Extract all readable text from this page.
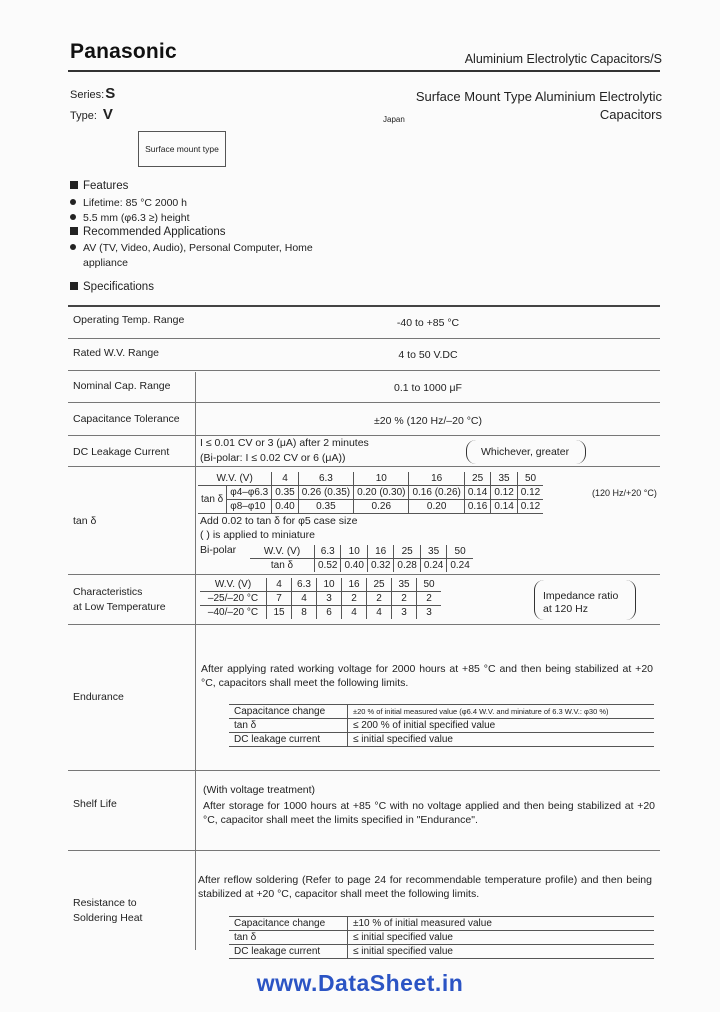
Panasonic	Aluminium Electrolytic Capacitors/S
Series:S
Type: V
Surface Mount Type Aluminium Electrolytic
Capacitors
Japan
Surface mount type
Features
Lifetime: 85 °C 2000 h
5.5 mm (φ6.3 ≥) height
Recommended Applications
AV (TV, Video, Audio), Personal Computer, Home
appliance
Specifications
Operating Temp. Range	-40 to +85 °C
Rated W.V. Range	4 to 50 V.DC
Nominal Cap. Range	0.1 to 1000 μF
Capacitance Tolerance	±20 % (120 Hz/–20 °C)
DC Leakage Current
I ≤ 0.01 CV or 3 (μA) after 2 minutes
(Bi-polar: I ≤ 0.02 CV or 6 (μA))	Whichever, greater
tan δ
W.V. (V)		4	6.3	10	16	25	35	50
tan δ	φ4–φ6.3	0.35	0.26 (0.35)	0.20 (0.30)	0.16 (0.26)	0.14	0.12	0.12
	φ8–φ10	0.40	0.35	0.26	0.20	0.16	0.14	0.12
(120 Hz/+20 °C)
Add 0.02 to tan δ for φ5 case size
( ) is applied to miniature
Bi-polar	W.V. (V)	6.3	10	16	25	35	50
tan δ	0.52	0.40	0.32	0.28	0.24	0.24
Characteristics
at Low Temperature
W.V. (V)	4	6.3	10	16	25	35	50
–25/–20 °C	7	4	3	2	2	2	2
–40/–20 °C	15	8	6	4	4	3	3
Impedance ratio
at 120 Hz
Endurance
After applying rated working voltage for 2000 hours at +85 °C and then being stabilized at +20 °C, capacitors shall meet the following limits.
Capacitance change	±20 % of initial measured value (φ6.4 W.V. and miniature of 6.3 W.V.: φ30 %)
tan δ	≤ 200 % of initial specified value
DC leakage current	≤ initial specified value
Shelf Life
(With voltage treatment)
After storage for 1000 hours at +85 °C with no voltage applied and then being stabilized at +20 °C, capacitor shall meet the limits specified in "Endurance".
Resistance to
Soldering Heat
After reflow soldering (Refer to page 24 for recommendable temperature profile) and then being stabilized at +20 °C, capacitor shall meet the following limits.
Capacitance change	±10 % of initial measured value
tan δ	≤ initial specified value
DC leakage current	≤ initial specified value
www.DataSheet.in
